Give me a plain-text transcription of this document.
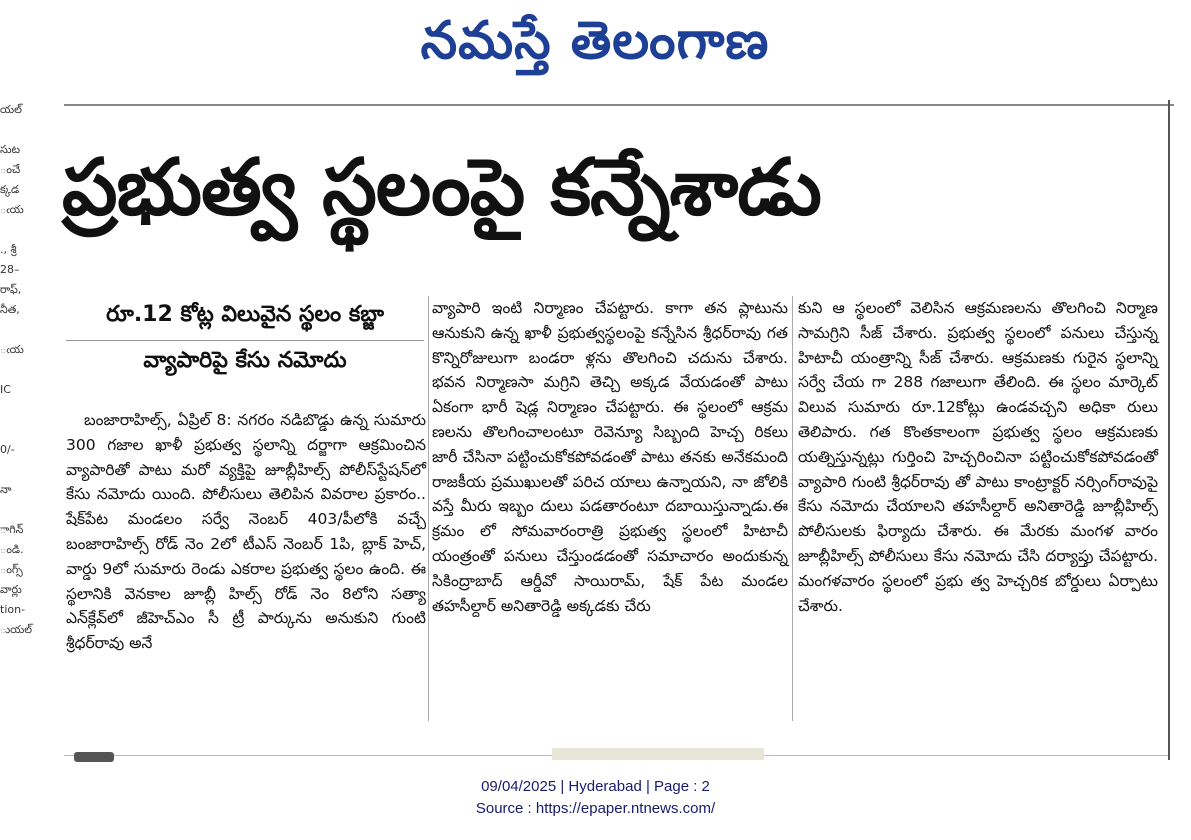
నమస్తే తెలంగాణ
యల్
సుట
ంచే
క్కడ
ఁయ
., శ్రీ
28–
రాఫ్,
నీత,
ఁయ
IC
0/-
నా
ాగిన్
ండి.
ంగ్స్
వార్లు
tion-
ుయల్
ప్రభుత్వ స్థలంపై కన్నేశాడు
రూ.12 కోట్ల విలువైన స్థలం కబ్జా
వ్యాపారిపై కేసు నమోదు

బంజారాహిల్స్, ఏప్రిల్ 8: నగరం నడిబొడ్డు ఉన్న సుమారు 300 గజాల ఖాళీ ప్రభుత్వ స్థలాన్ని దర్జాగా ఆక్రమించిన వ్యాపారితో పాటు మరో వ్యక్తిపై జూబ్లీహిల్స్ పోలీస్‌స్టేషన్‌లో కేసు నమోదు యింది. పోలీసులు తెలిపిన వివరాల ప్రకారం.. షేక్‌పేట మండలం సర్వే నెంబర్ 403/పీలోకి వచ్చే బంజారాహిల్స్ రోడ్ నెం 2లో టీఎస్ నెంబర్ 1పి, బ్లాక్ హెచ్, వార్డు 9లో సుమారు రెండు ఎకరాల ప్రభుత్వ స్థలం ఉంది. ఈ స్థలానికి వెనకాల జూబ్లీ హిల్స్ రోడ్ నెం 8లోని సత్యా ఎన్‌క్లేవ్‌లో జీహెచ్‌ఎం సీ ట్రీ పార్కును అనుకుని గుంటి శ్రీధర్‌రావు అనే

వ్యాపారి ఇంటి నిర్మాణం చేపట్టారు. కాగా తన ప్లాటును ఆనుకుని ఉన్న ఖాళీ ప్రభుత్వస్థలంపై కన్నేసిన శ్రీధర్‌రావు గత కొన్నిరోజులుగా బండరా ళ్లను తొలగించి చదును చేశారు. భవన నిర్మాణసా మగ్రిని తెచ్చి అక్కడ వేయడంతో పాటు ఏకంగా భారీ షెడ్ల నిర్మాణం చేపట్టారు. ఈ స్థలంలో ఆక్రమ ణలను తొలగించాలంటూ రెవెన్యూ సిబ్బంది హెచ్చ రికలు జారీ చేసినా పట్టించుకోకపోవడంతో పాటు తనకు అనేకమంది రాజకీయ ప్రముఖులతో పరిచ యాలు ఉన్నాయని, నా జోలికి వస్తే మీరు ఇబ్బం దులు పడతారంటూ దబాయిస్తున్నాడు.ఈ క్రమం లో సోమవారంరాత్రి ప్రభుత్వ స్థలంలో హిటాచీ యంత్రంతో పనులు చేస్తుండడంతో సమాచారం అందుకున్న సికింద్రాబాద్ ఆర్డీవో సాయిరామ్, షేక్ పేట మండల తహసీల్దార్ అనితారెడ్డి అక్కడకు చేరు

కుని ఆ స్థలంలో వెలిసిన ఆక్రమణలను తొలగించి నిర్మాణ సామగ్రిని సీజ్ చేశారు. ప్రభుత్వ స్థలంలో పనులు చేస్తున్న హిటాచీ యంత్రాన్ని సీజ్ చేశారు. ఆక్రమణకు గురైన స్థలాన్ని సర్వే చేయ గా 288 గజాలుగా తేలింది. ఈ స్థలం మార్కెట్ విలువ సుమారు రూ.12కోట్లు ఉండవచ్చని అధికా రులు తెలిపారు. గత కొంతకాలంగా ప్రభుత్వ స్థలం ఆక్రమణకు యత్నిస్తున్నట్లు గుర్తించి హెచ్చరించినా పట్టించుకోకపోవడంతో వ్యాపారి గుంటి శ్రీధర్‌రావు తో పాటు కాంట్రాక్టర్ నర్సింగ్‌రావుపై కేసు నమోదు చేయాలని తహసీల్దార్ అనితారెడ్డి జూబ్లీహిల్స్ పోలీసులకు ఫిర్యాదు చేశారు. ఈ మేరకు మంగళ వారం జూబ్లీహిల్స్ పోలీసులు కేసు నమోదు చేసి దర్యాప్తు చేపట్టారు. మంగళవారం స్థలంలో ప్రభు త్వ హెచ్చరిక బోర్డులు ఏర్పాటు చేశారు.

09/04/2025 | Hyderabad | Page : 2
Source : https://epaper.ntnews.com/
